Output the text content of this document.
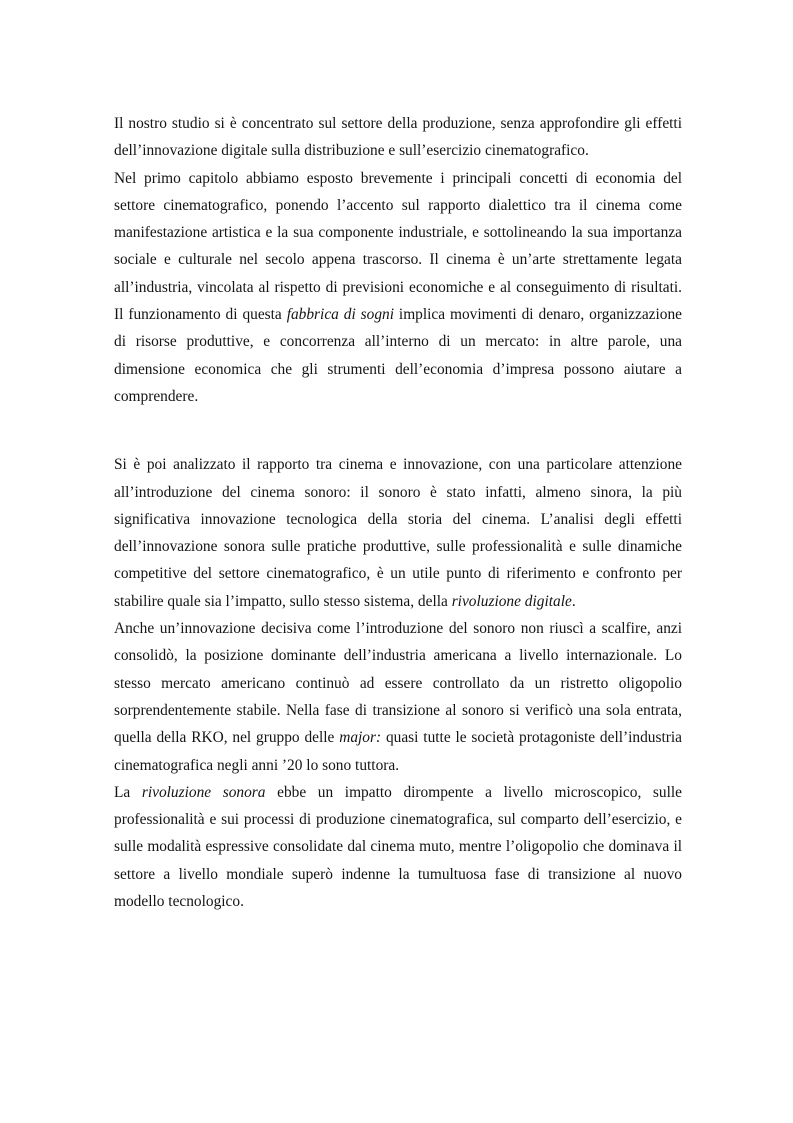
Il nostro studio si è concentrato sul settore della produzione, senza approfondire gli effetti dell’innovazione digitale sulla distribuzione e sull’esercizio cinematografico.

Nel primo capitolo abbiamo esposto brevemente i principali concetti di economia del settore cinematografico, ponendo l’accento sul rapporto dialettico tra il cinema come manifestazione artistica e la sua componente industriale, e sottolineando la sua importanza sociale e culturale nel secolo appena trascorso. Il cinema è un’arte strettamente legata all’industria, vincolata al rispetto di previsioni economiche e al conseguimento di risultati. Il funzionamento di questa fabbrica di sogni implica movimenti di denaro, organizzazione di risorse produttive, e concorrenza all’interno di un mercato: in altre parole, una dimensione economica che gli strumenti dell’economia d’impresa possono aiutare a comprendere.

Si è poi analizzato il rapporto tra cinema e innovazione, con una particolare attenzione all’introduzione del cinema sonoro: il sonoro è stato infatti, almeno sinora, la più significativa innovazione tecnologica della storia del cinema. L’analisi degli effetti dell’innovazione sonora sulle pratiche produttive, sulle professionalità e sulle dinamiche competitive del settore cinematografico, è un utile punto di riferimento e confronto per stabilire quale sia l’impatto, sullo stesso sistema, della rivoluzione digitale.

Anche un’innovazione decisiva come l’introduzione del sonoro non riuscì a scalfire, anzi consolidò, la posizione dominante dell’industria americana a livello internazionale. Lo stesso mercato americano continuò ad essere controllato da un ristretto oligopolio sorprendentemente stabile. Nella fase di transizione al sonoro si verificò una sola entrata, quella della RKO, nel gruppo delle major: quasi tutte le società protagoniste dell’industria cinematografica negli anni ’20 lo sono tuttora.

La rivoluzione sonora ebbe un impatto dirompente a livello microscopico, sulle professionalità e sui processi di produzione cinematografica, sul comparto dell’esercizio, e sulle modalità espressive consolidate dal cinema muto, mentre l’oligopolio che dominava il settore a livello mondiale superò indenne la tumultuosa fase di transizione al nuovo modello tecnologico.
